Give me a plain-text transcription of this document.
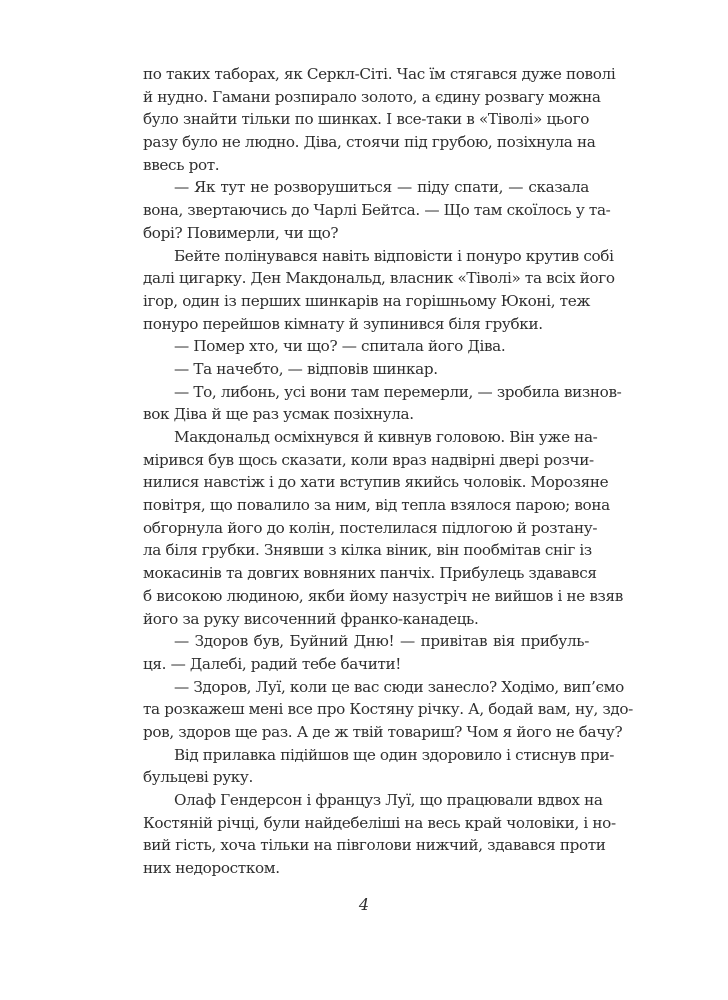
по таких таборах, як Серкл-Сіті. Час їм стягався дуже поволі
й нудно. Гамани розпирало золото, а єдину розвагу можна
було знайти тільки по шинках. І все-таки в «Тіволі» цього
разу було не людно. Діва, стоячи під грубою, позіхнула на
ввесь рот.
— Як тут не розворушиться — піду спати, — сказала
вона, звертаючись до Чарлі Бейтса. — Що там скоїлось у та-
борі? Повимерли, чи що?
Бейте полінувався навіть відповісти і понуро крутив собі
далі цигарку. Ден Макдональд, власник «Тіволі» та всіх його
ігор, один із перших шинкарів на горішньому Юконі, теж
понуро перейшов кімнату й зупинився біля грубки.
— Помер хто, чи що? — спитала його Діва.
— Та начебто, — відповів шинкар.
— То, либонь, усі вони там перемерли, — зробила визнов-
вок Діва й ще раз усмак позіхнула.
Макдональд осміхнувся й кивнув головою. Він уже на-
мірився був щось сказати, коли враз надвірні двері розчи-
нилися навстіж і до хати вступив якийсь чоловік. Морозяне
повітря, що повалило за ним, від тепла взялося парою; вона
обгорнула його до колін, постелилася підлогою й розтану-
ла біля грубки. Знявши з кілка віник, він пообмітав сніг із
мокасинів та довгих вовняних панчіх. Прибулець здавався
б високою людиною, якби йому назустріч не вийшов і не взяв
його за руку височенний франко-канадець.
— Здоров був, Буйний Дню! — привітав вія прибуль-
ця. — Далебі, радий тебе бачити!
— Здоров, Луї, коли це вас сюди занесло? Ходімо, вип’ємо
та розкажеш мені все про Костяну річку. А, бодай вам, ну, здо-
ров, здоров ще раз. А де ж твій товариш? Чом я його не бачу?
Від прилавка підійшов ще один здоровило і стиснув при-
бульцеві руку.
Олаф Гендерсон і француз Луї, що працювали вдвох на
Костяній річці, були найдебеліші на весь край чоловіки, і но-
вий гість, хоча тільки на півголови нижчий, здавався проти
них недоростком.
4
